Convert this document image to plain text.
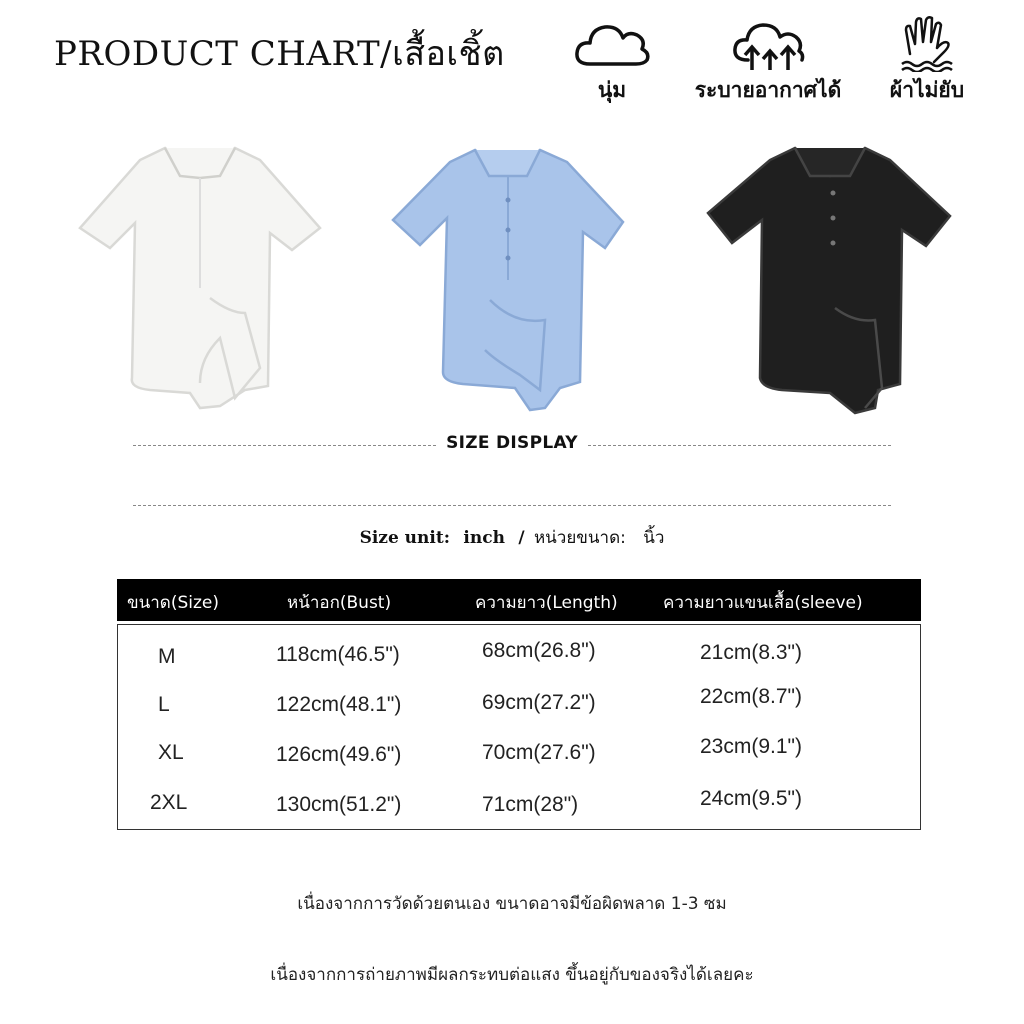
PRODUCT CHART/เสื้อเชิ้ต
นุ่ม	ระบายอากาศได้	ผ้าไม่ยับ
SIZE DISPLAY
Size unit: inch / หน่วยขนาด: นิ้ว
ขนาด(Size)	หน้าอก(Bust)	ความยาว(Length)	ความยาวแขนเสื้อ(sleeve)
M	118cm(46.5")	68cm(26.8")	21cm(8.3")
L	122cm(48.1")	69cm(27.2")	22cm(8.7")
XL	126cm(49.6")	70cm(27.6")	23cm(9.1")
2XL	130cm(51.2")	71cm(28")	24cm(9.5")
เนื่องจากการวัดด้วยตนเอง ขนาดอาจมีข้อผิดพลาด 1-3 ซม
เนื่องจากการถ่ายภาพมีผลกระทบต่อแสง ขึ้นอยู่กับของจริงได้เลยคะ
